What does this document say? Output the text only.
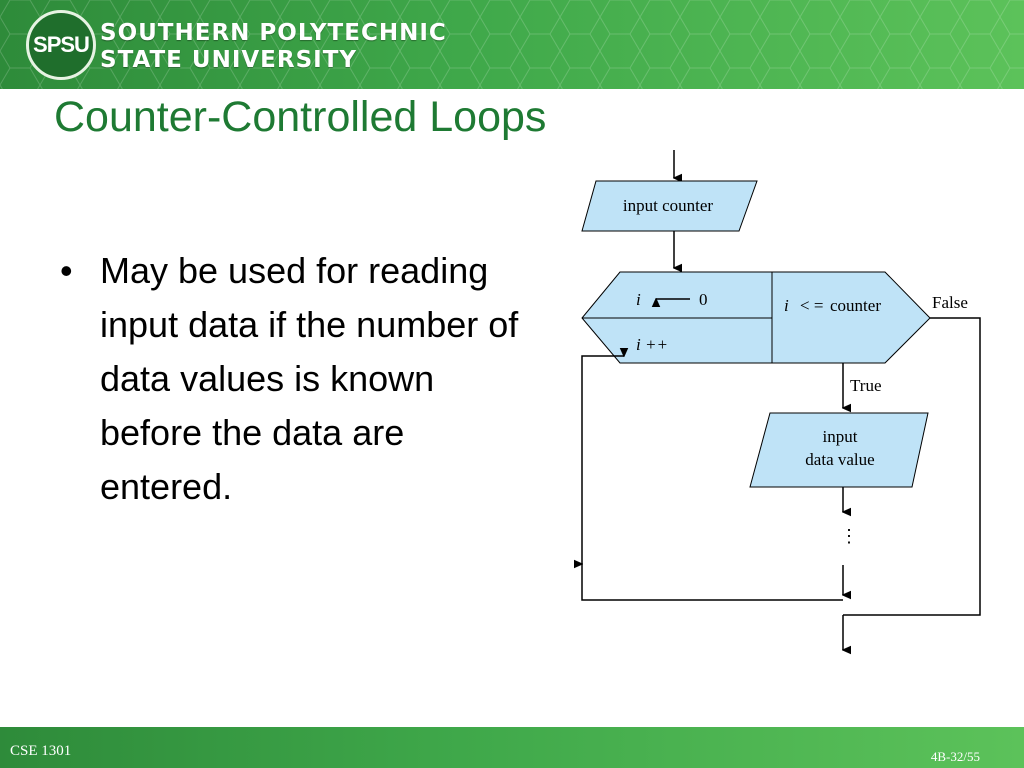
SPSU SOUTHERN POLYTECHNIC
STATE UNIVERSITY
Counter-Controlled Loops
• May be used for reading input data if the number of data values is known before the data are entered.
input counter
i	0
i ++
i < = counter	False
True
input
data value
⋮
CSE 1301	4B-32/55
